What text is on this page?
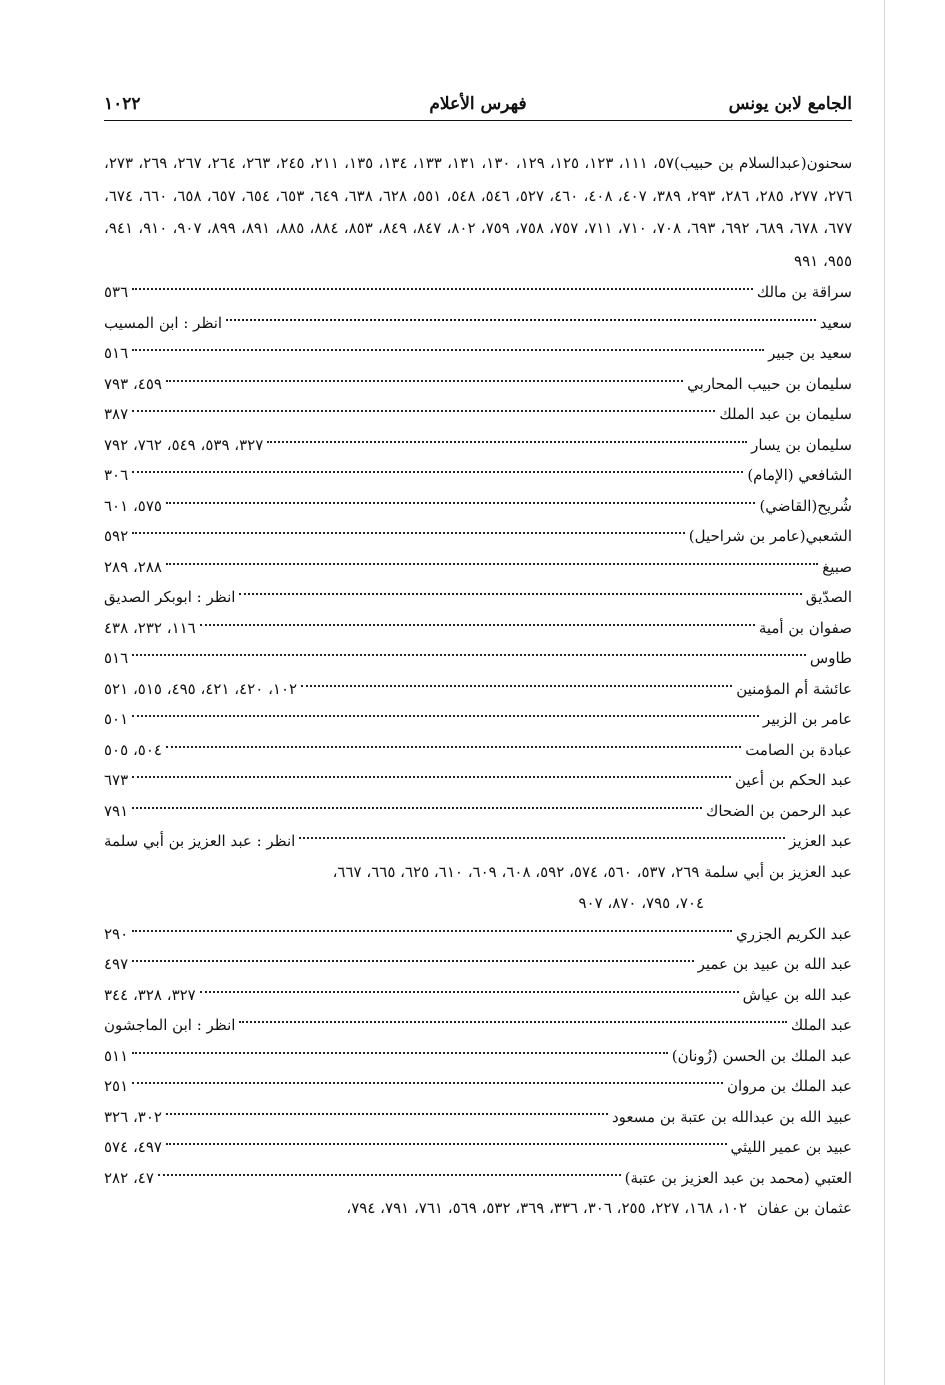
الجامع لابن يونس
فهرس الأعلام
١٠٢٢
سحنون(عبدالسلام بن حبيب)٥٧، ١١١، ١٢٣، ١٢٥، ١٢٩، ١٣٠، ١٣١، ١٣٣، ١٣٤، ١٣٥، ٢١١، ٢٤٥، ٢٦٣، ٢٦٤، ٢٦٧، ٢٦٩، ٢٧٣، ٢٧٦، ٢٧٧، ٢٨٥، ٢٨٦، ٢٩٣، ٣٨٩، ٤٠٧، ٤٠٨، ٤٦٠، ٥٢٧، ٥٤٦، ٥٤٨، ٥٥١، ٦٢٨، ٦٣٨، ٦٤٩، ٦٥٣، ٦٥٤، ٦٥٧، ٦٥٨، ٦٦٠، ٦٧٤، ٦٧٧، ٦٧٨، ٦٨٩، ٦٩٢، ٦٩٣، ٧٠٨، ٧١٠، ٧١١، ٧٥٧، ٧٥٨، ٧٥٩، ٨٠٢، ٨٤٧، ٨٤٩، ٨٥٣، ٨٨٤، ٨٨٥، ٨٩١، ٨٩٩، ٩٠٧، ٩١٠، ٩٤١، ٩٥٥، ٩٩١
سراقة بن مالك
٥٣٦
سعيد
انظر : ابن المسيب
سعيد بن جبير
٥١٦
سليمان بن حبيب المحاربي
٤٥٩، ٧٩٣
سليمان بن عبد الملك
٣٨٧
سليمان بن يسار
٣٢٧، ٥٣٩، ٥٤٩، ٧٦٢، ٧٩٢
الشافعي (الإمام)
٣٠٦
شُريح(القاضي)
٥٧٥، ٦٠١
الشعبي(عامر بن شراحيل)
٥٩٢
صبيغ
٢٨٨، ٢٨٩
الصدّيق
انظر : ابوبكر الصديق
صفوان بن أمية
١١٦، ٢٣٢، ٤٣٨
طاوس
٥١٦
عائشة أم المؤمنين
١٠٢، ٤٢٠، ٤٢١، ٤٩٥، ٥١٥، ٥٢١
عامر بن الزبير
٥٠١
عبادة بن الصامت
٥٠٤، ٥٠٥
عبد الحكم بن أعين
٦٧٣
عبد الرحمن بن الضحاك
٧٩١
عبد العزيز
انظر : عبد العزيز بن أبي سلمة
عبد العزيز بن أبي سلمة ٢٦٩، ٥٣٧، ٥٦٠، ٥٧٤، ٥٩٢، ٦٠٨، ٦٠٩، ٦١٠، ٦٢٥، ٦٦٥، ٦٦٧،
٧٠٤، ٧٩٥، ٨٧٠، ٩٠٧
عبد الكريم الجزري
٢٩٠
عبد الله بن عبيد بن عمير
٤٩٧
عبد الله بن عياش
٣٢٧، ٣٢٨، ٣٤٤
عبد الملك
انظر : ابن الماجشون
عبد الملك بن الحسن (زُونان)
٥١١
عبد الملك بن مروان
٢٥١
عبيد الله بن عبدالله بن عتبة بن مسعود
٣٠٢، ٣٢٦
عبيد بن عمير الليثي
٤٩٧، ٥٧٤
العتبي (محمد بن عبد العزيز بن عتبة)
٤٧، ٢٨٢
عثمان بن عفان
١٠٢، ١٦٨، ٢٢٧، ٢٥٥، ٣٠٦، ٣٣٦، ٣٦٩، ٥٣٢، ٥٦٩، ٧٦١، ٧٩١، ٧٩٤،
